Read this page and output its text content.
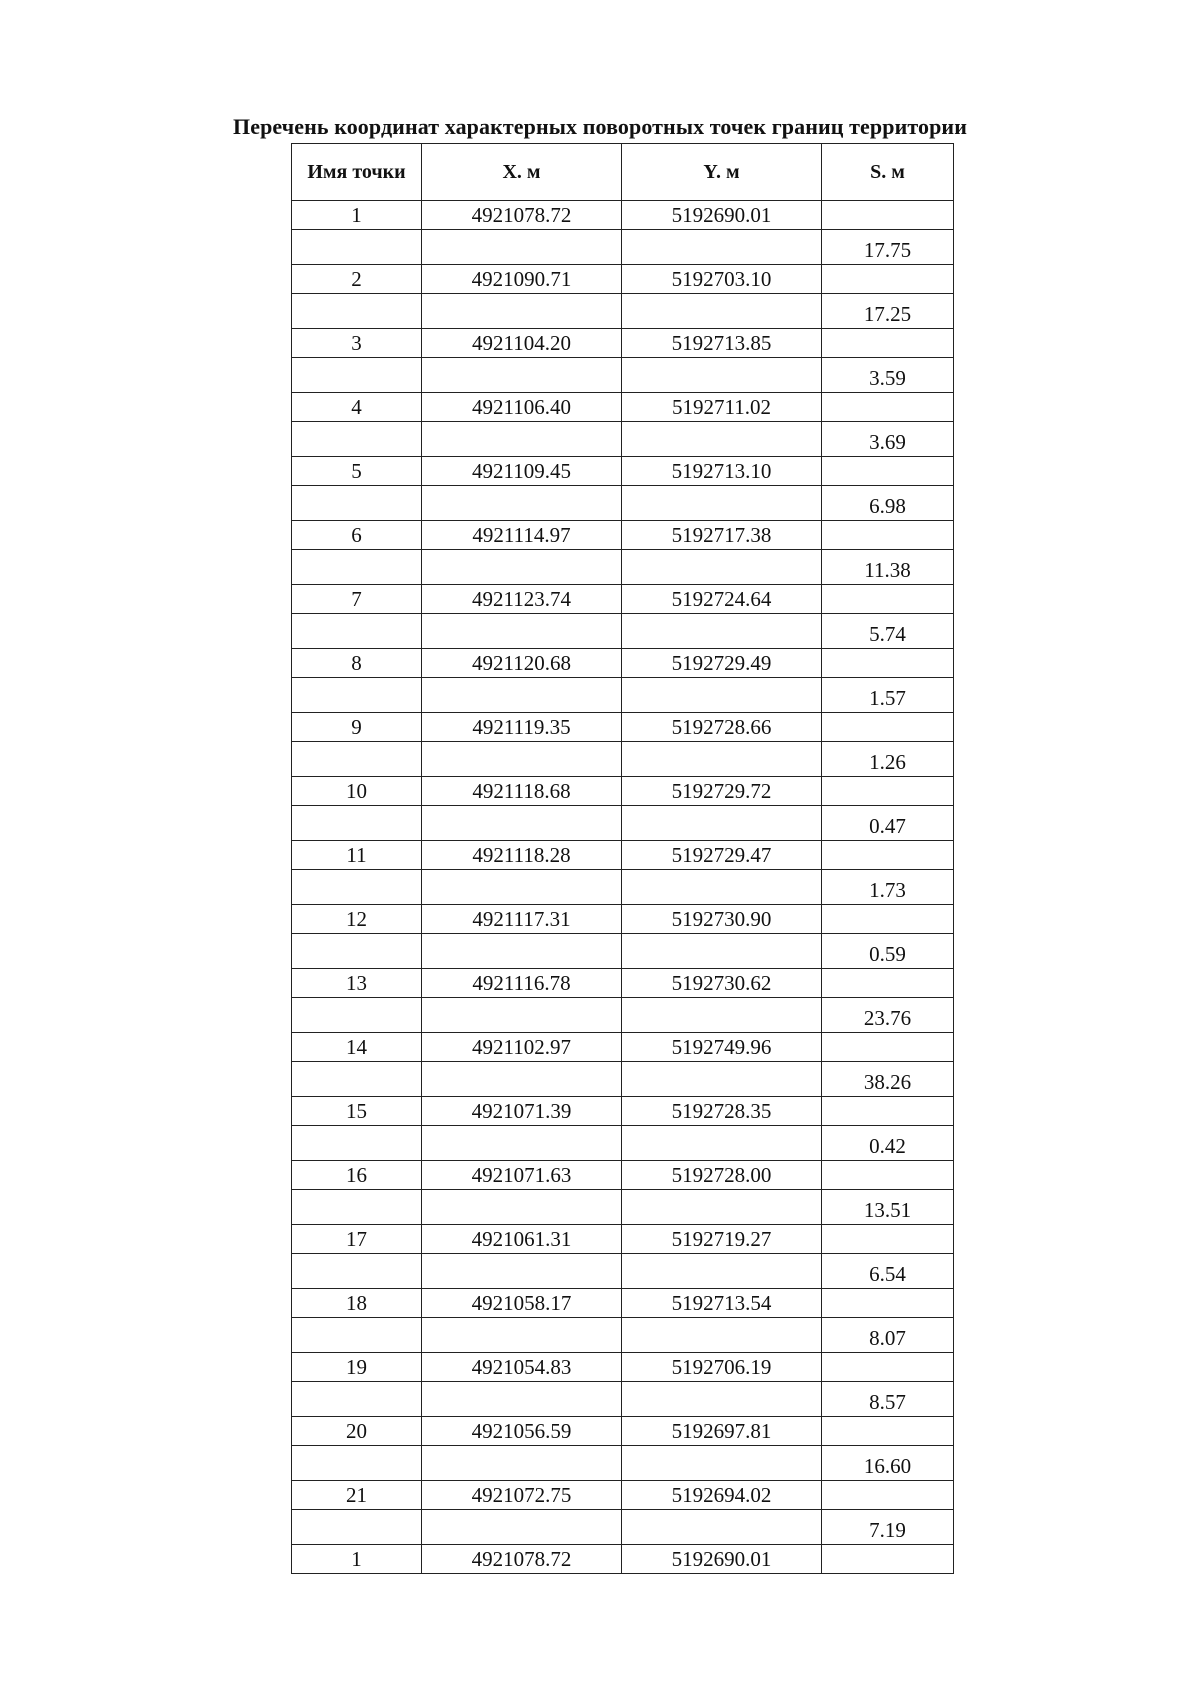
Перечень координат характерных поворотных точек границ территории
Имя точки	X. м	Y. м	S. м
1	4921078.72	5192690.01	
			17.75
2	4921090.71	5192703.10	
			17.25
3	4921104.20	5192713.85	
			3.59
4	4921106.40	5192711.02	
			3.69
5	4921109.45	5192713.10	
			6.98
6	4921114.97	5192717.38	
			11.38
7	4921123.74	5192724.64	
			5.74
8	4921120.68	5192729.49	
			1.57
9	4921119.35	5192728.66	
			1.26
10	4921118.68	5192729.72	
			0.47
11	4921118.28	5192729.47	
			1.73
12	4921117.31	5192730.90	
			0.59
13	4921116.78	5192730.62	
			23.76
14	4921102.97	5192749.96	
			38.26
15	4921071.39	5192728.35	
			0.42
16	4921071.63	5192728.00	
			13.51
17	4921061.31	5192719.27	
			6.54
18	4921058.17	5192713.54	
			8.07
19	4921054.83	5192706.19	
			8.57
20	4921056.59	5192697.81	
			16.60
21	4921072.75	5192694.02	
			7.19
1	4921078.72	5192690.01	
